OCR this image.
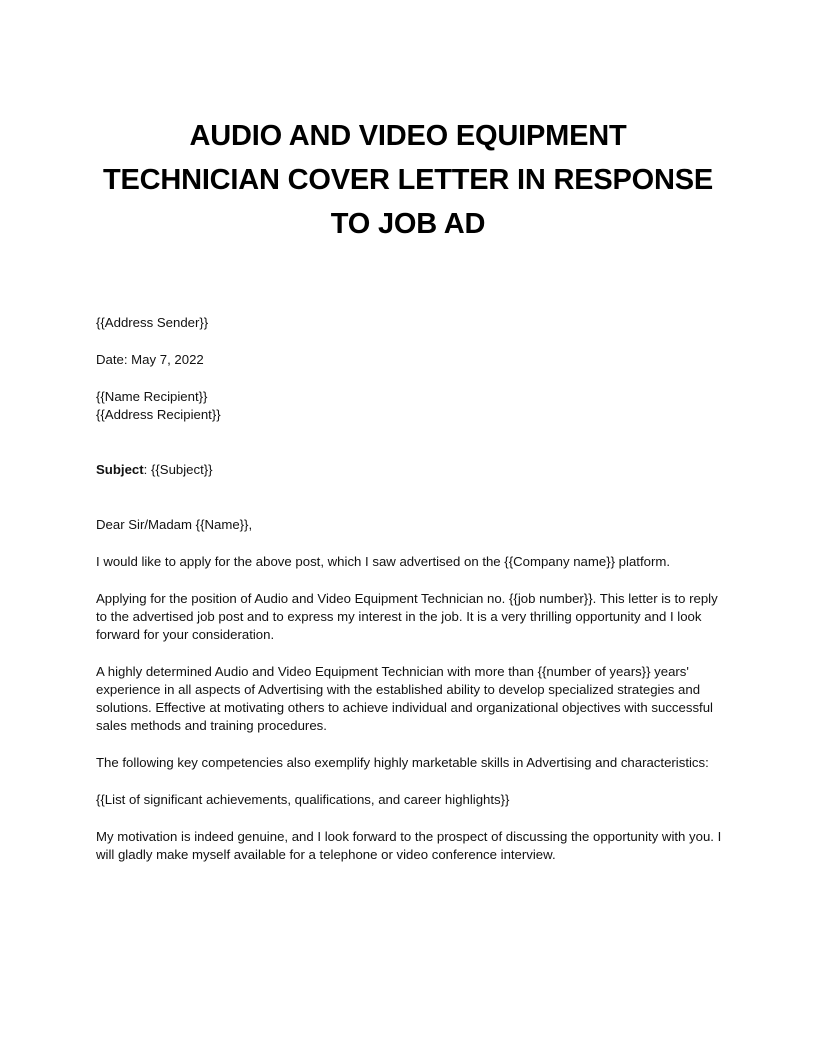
AUDIO AND VIDEO EQUIPMENT
TECHNICIAN COVER LETTER IN RESPONSE
TO JOB AD

{{Address Sender}}

Date: May 7, 2022

{{Name Recipient}}

{{Address Recipient}}

Subject: {{Subject}}

Dear Sir/Madam {{Name}},

I would like to apply for the above post, which I saw advertised on the {{Company name}} platform.

Applying for the position of Audio and Video Equipment Technician no. {{job number}}. This letter is to reply to the advertised job post and to express my interest in the job. It is a very thrilling opportunity and I look forward for your consideration.

A highly determined Audio and Video Equipment Technician with more than {{number of years}} years' experience in all aspects of Advertising with the established ability to develop specialized strategies and solutions. Effective at motivating others to achieve individual and organizational objectives with successful sales methods and training procedures.

The following key competencies also exemplify highly marketable skills in Advertising and characteristics:

{{List of significant achievements, qualifications, and career highlights}}

My motivation is indeed genuine, and I look forward to the prospect of discussing the opportunity with you. I will gladly make myself available for a telephone or video conference interview.
